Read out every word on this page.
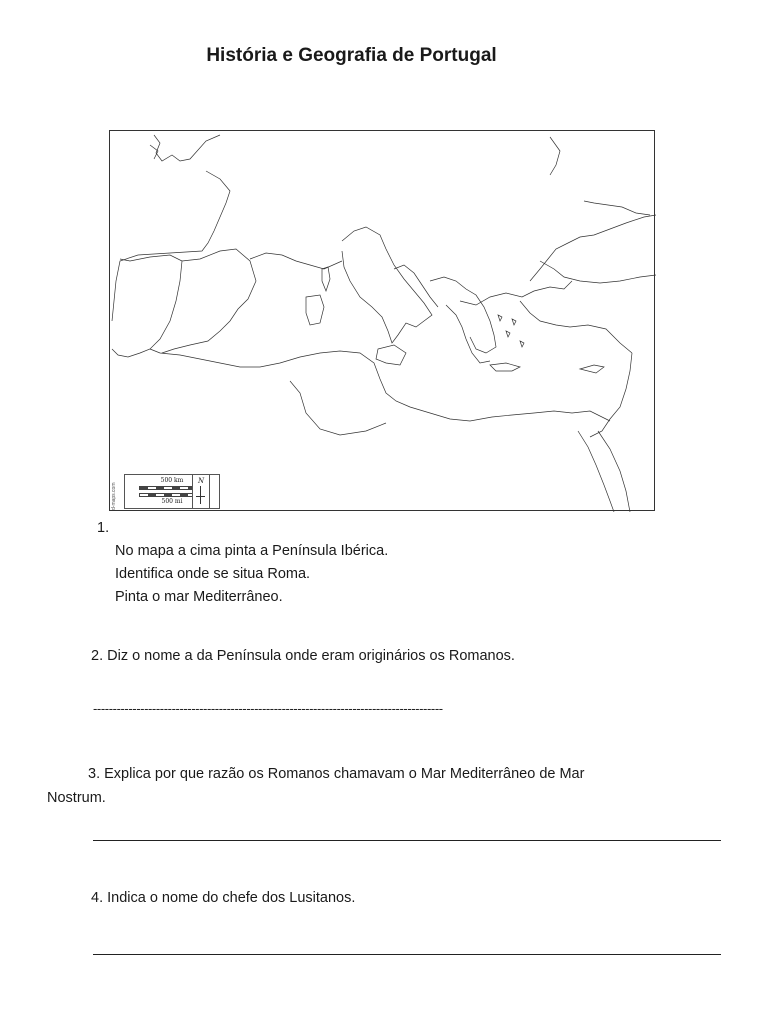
História e Geografia de Portugal
d-maps.com
500 km
500 mi
N
1.
No mapa a cima pinta a Península Ibérica.
Identifica onde se situa Roma.
Pinta o mar Mediterrâneo.
2. Diz o nome a da Península onde eram originários os Romanos.
-----------------------------------------------------------------------------------------
3. Explica por que razão os Romanos chamavam o Mar Mediterrâneo de Mar
Nostrum.
4. Indica o nome do chefe dos Lusitanos.
